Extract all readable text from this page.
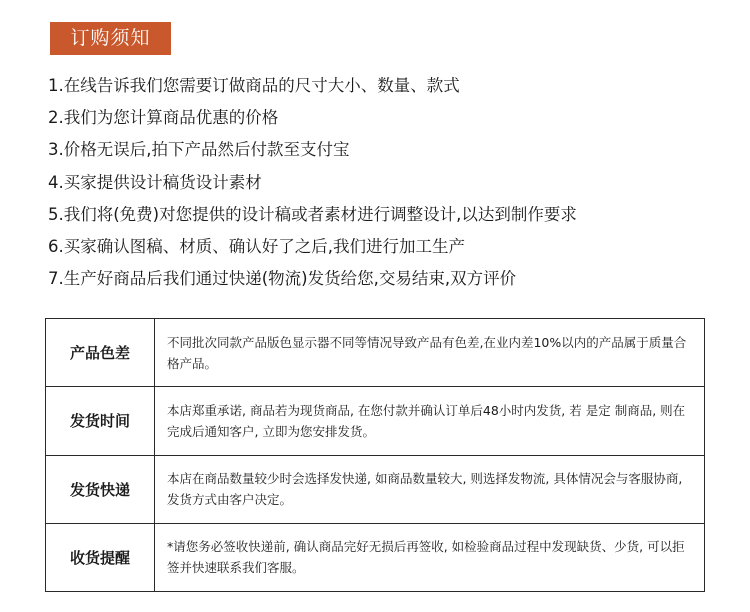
订购须知
1.在线告诉我们您需要订做商品的尺寸大小、数量、款式
2.我们为您计算商品优惠的价格
3.价格无误后,拍下产品然后付款至支付宝
4.买家提供设计稿货设计素材
5.我们将(免费)对您提供的设计稿或者素材进行调整设计,以达到制作要求
6.买家确认图稿、材质、确认好了之后,我们进行加工生产
7.生产好商品后我们通过快递(物流)发货给您,交易结束,双方评价
产品色差	不同批次同款产品版色显示器不同等情况导致产品有色差,在业内差10%以内的产品属于质量合格产品。
发货时间	本店郑重承诺, 商品若为现货商品, 在您付款并确认订单后48小时内发货, 若 是定 制商品, 则在完成后通知客户, 立即为您安排发货。
发货快递	本店在商品数量较少时会选择发快递, 如商品数量较大, 则选择发物流, 具体情况会与客服协商, 发货方式由客户决定。
收货提醒	*请您务必签收快递前, 确认商品完好无损后再签收, 如检验商品过程中发现缺货、少货, 可以拒签并快速联系我们客服。
